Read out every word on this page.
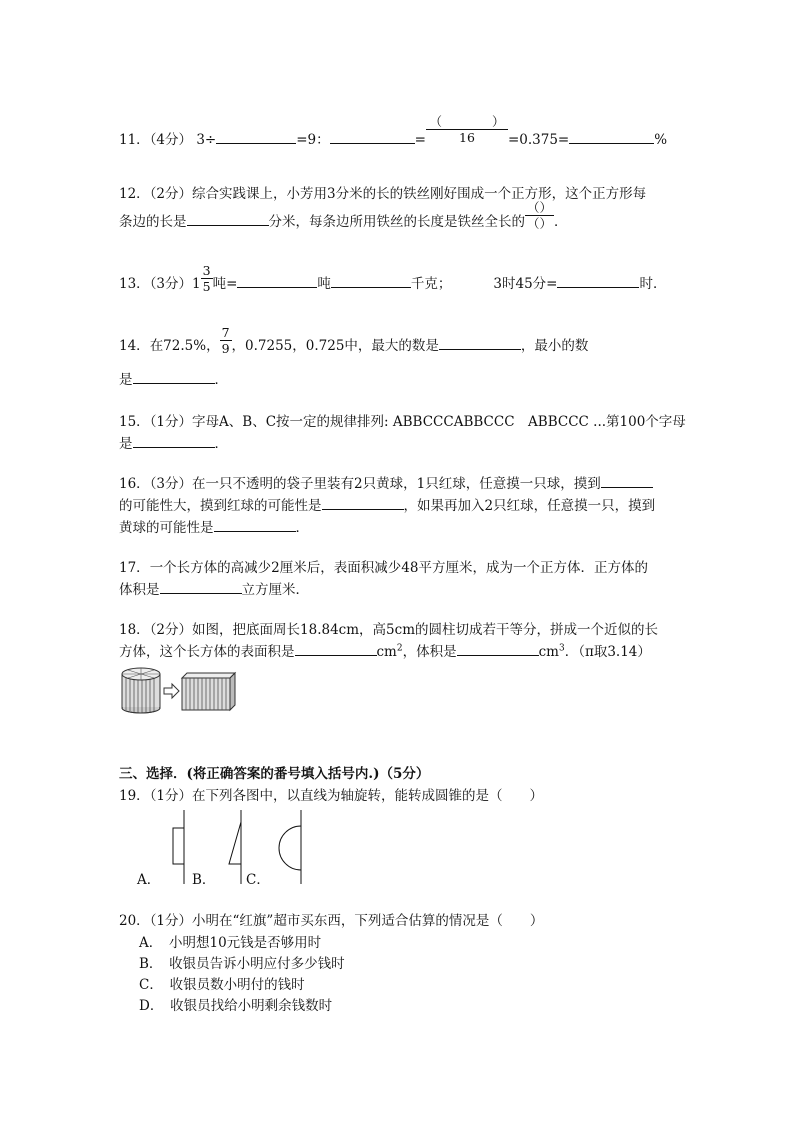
11．（4分） 3÷	=9：	= $\frac{( )}{16} =0.375=$	%
12．（2分）综合实践课上，小芳用3分米的长的铁丝刚好围成一个正方形，这个正方形每
条边的长是	分米，每条边所用铁丝的长度是铁丝全长的 $\frac{()}{()}$ ．
13．（3分）$1 \frac{3}{5}$ 吨=	吨	千克；	3时45分=	时．
14．在72.5%， $\frac{7}{9}$ ，0.7255，0.725中，最大的数是	，最小的数
是	．
15．（1分）字母A、B、C按一定的规律排列: ABBCCCABBCCC　ABBCCC ...第100个字母
是	．
16．（3分）在一只不透明的袋子里装有2只黄球，1只红球，任意摸一只球，摸到
的可能性大，摸到红球的可能性是	，如果再加入2只红球，任意摸一只，摸到
黄球的可能性是	．
17．一个长方体的高减少2厘米后，表面积减少48平方厘米，成为一个正方体．正方体的
体积是	立方厘米．
18．（2分）如图，把底面周长18.84cm，高5cm的圆柱切成若干等分，拼成一个近似的长
方体，这个长方体的表面积是	$cm^2$，体积是	$cm^3$．（π取3.14）
三、选择．(将正确答案的番号填入括号内.)（5分）
19．（1分）在下列各图中，以直线为轴旋转，能转成圆锥的是（　　）
A． B． C．
20．（1分）小明在“红旗”超市买东西，下列适合估算的情况是（　　）
A．　 小明想10元钱是否够用时
B．　 收银员告诉小明应付多少钱时
C．　 收银员数小明付的钱时
D．　 收银员找给小明剩余钱数时
